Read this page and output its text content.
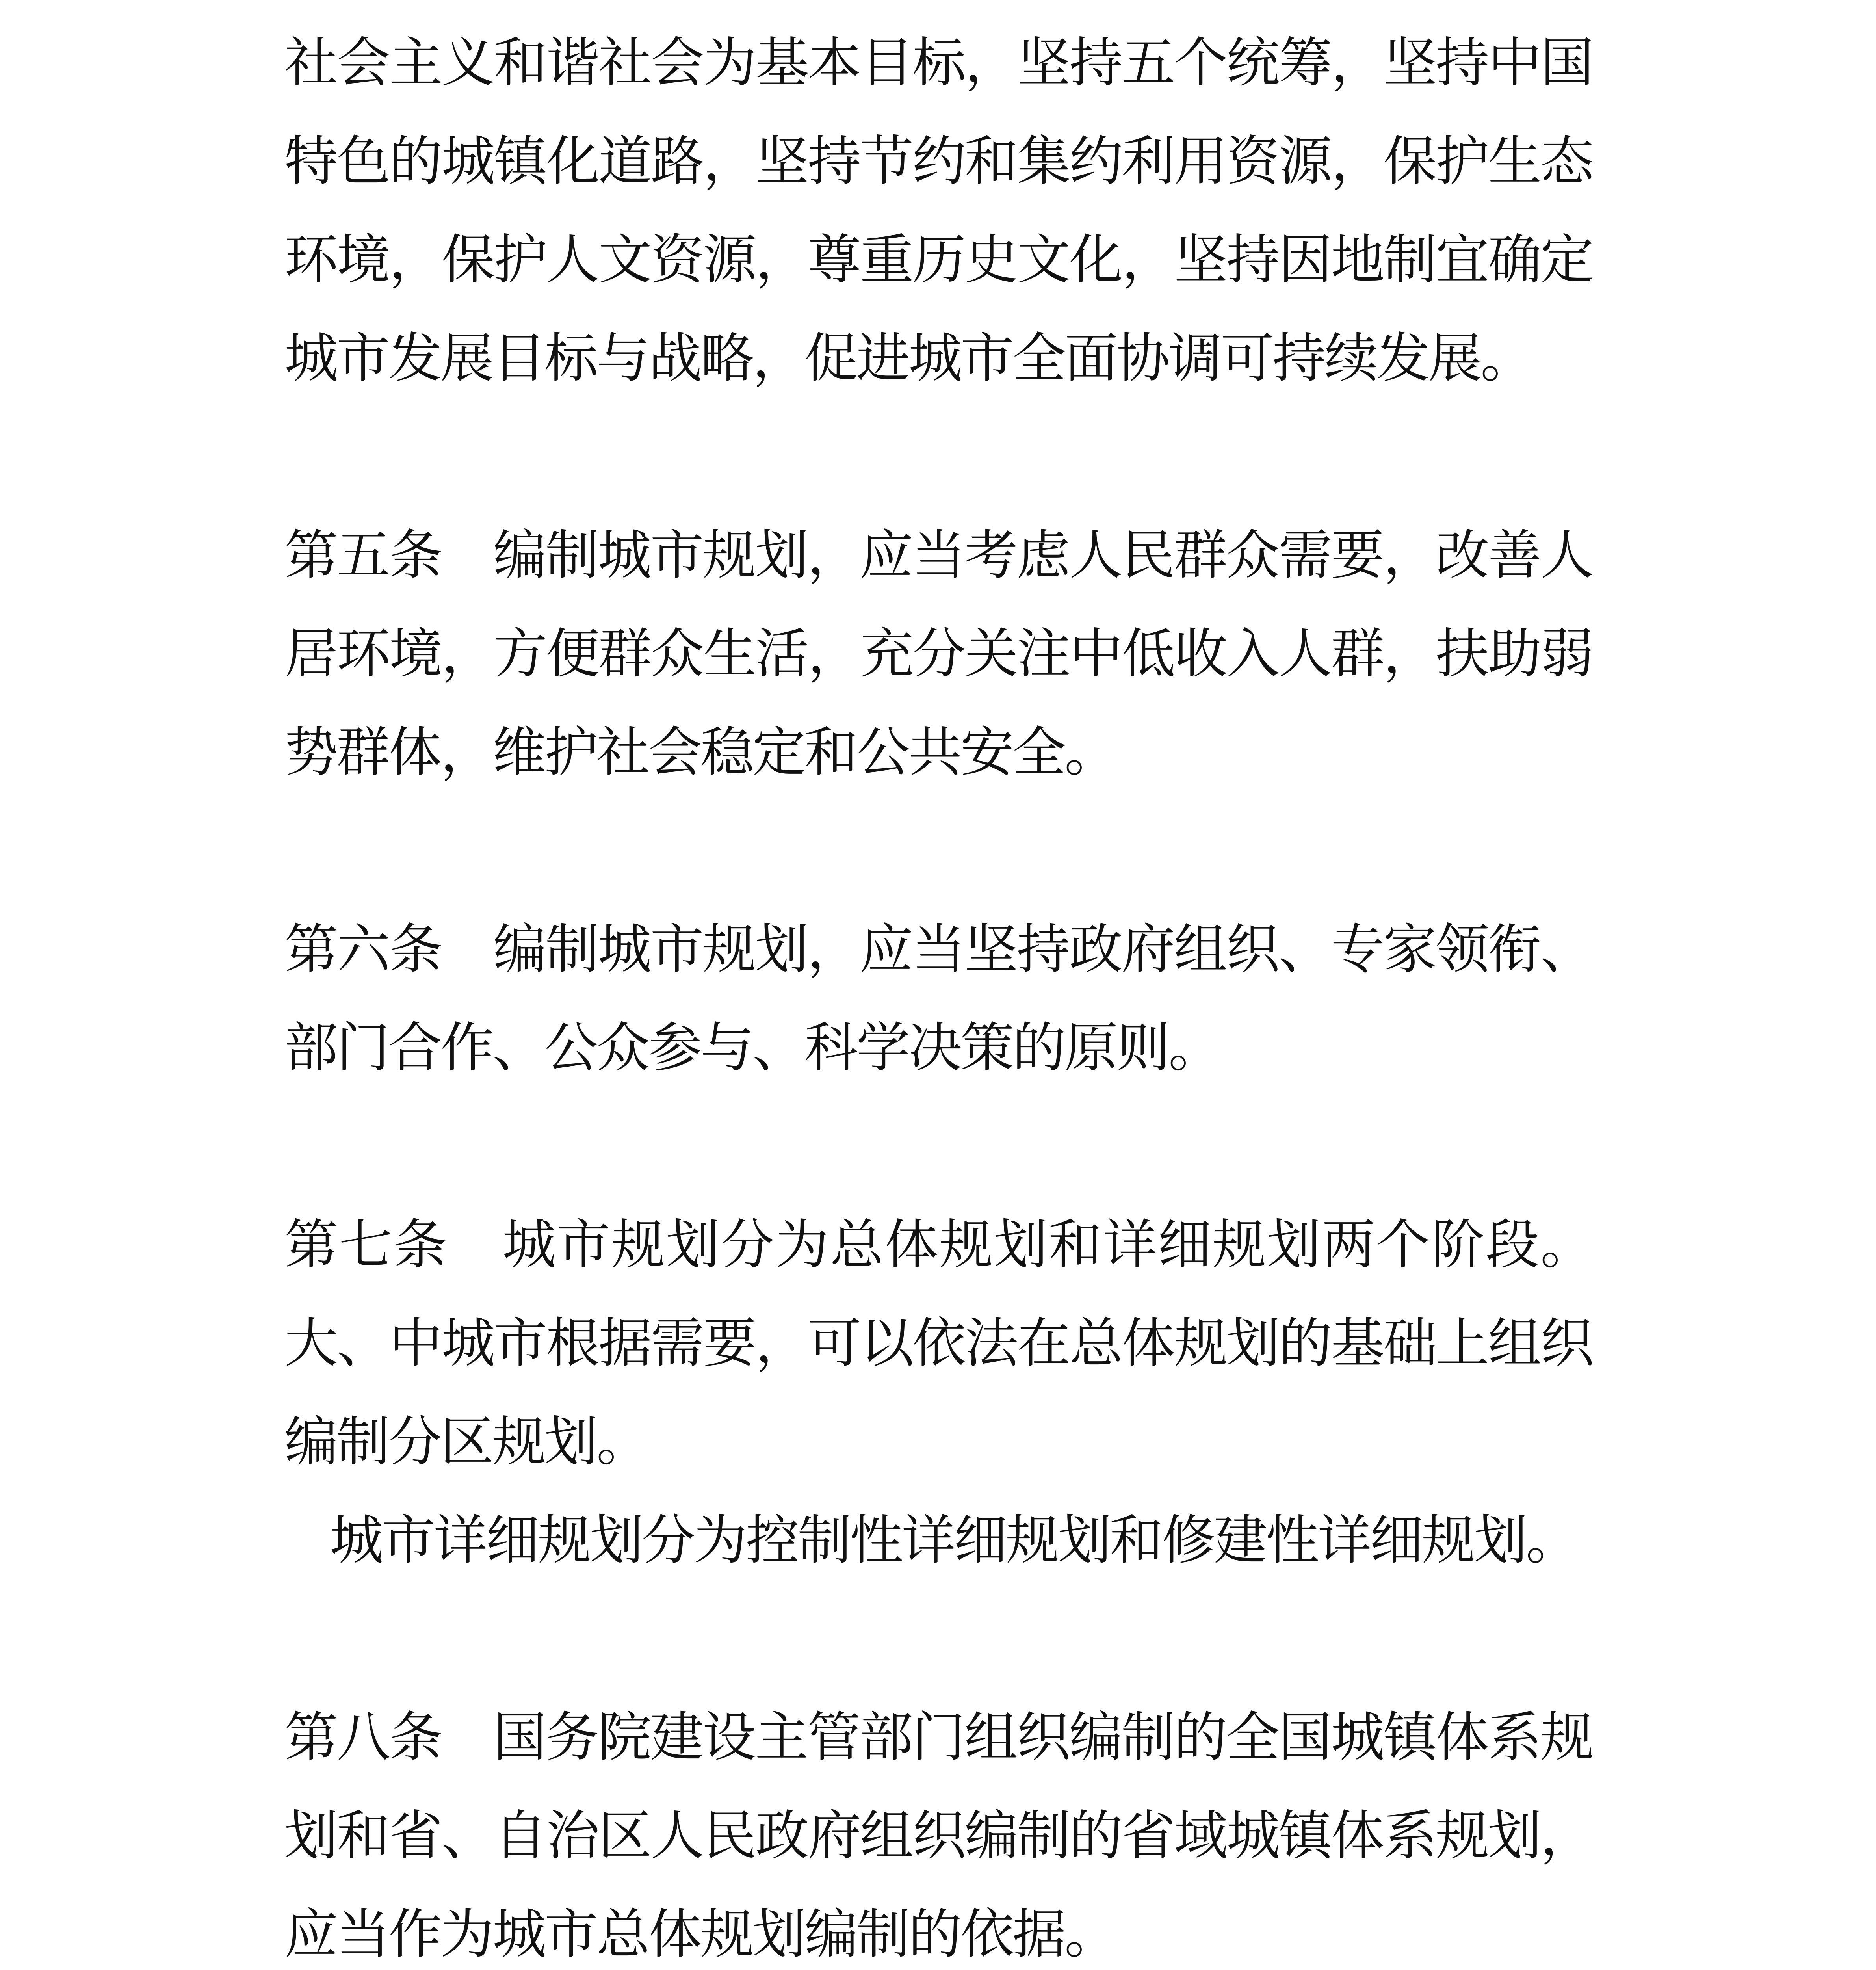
社会主义和谐社会为基本目标，坚持五个统筹，坚持中国特色的城镇化道路，坚持节约和集约利用资源，保护生态环境，保护人文资源，尊重历史文化，坚持因地制宜确定城市发展目标与战略，促进城市全面协调可持续发展。

第五条 编制城市规划，应当考虑人民群众需要，改善人居环境，方便群众生活，充分关注中低收入人群，扶助弱势群体，维护社会稳定和公共安全。

第六条 编制城市规划，应当坚持政府组织、专家领衔、部门合作、公众参与、科学决策的原则。

第七条 城市规划分为总体规划和详细规划两个阶段。大、中城市根据需要，可以依法在总体规划的基础上组织编制分区规划。

城市详细规划分为控制性详细规划和修建性详细规划。

第八条 国务院建设主管部门组织编制的全国城镇体系规划和省、自治区人民政府组织编制的省域城镇体系规划，应当作为城市总体规划编制的依据。
